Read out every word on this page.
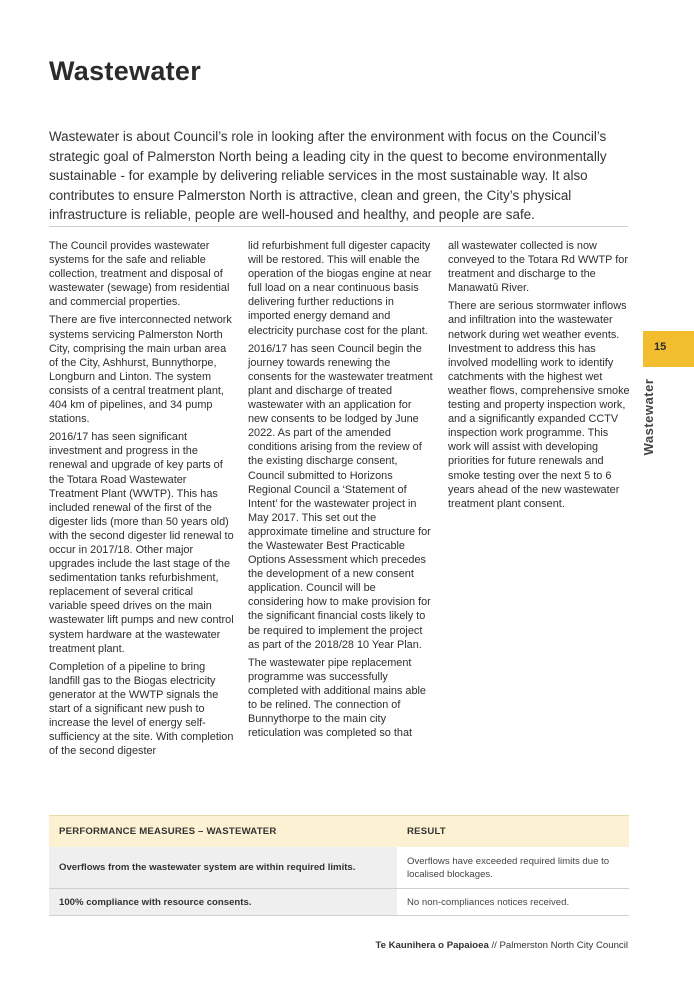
Wastewater

Wastewater is about Council’s role in looking after the environment with focus on the Council’s strategic goal of Palmerston North being a leading city in the quest to become environmentally sustainable - for example by delivering reliable services in the most sustainable way. It also contributes to ensure Palmerston North is attractive, clean and green, the City’s physical infrastructure is reliable, people are well-housed and healthy, and people are safe.

The Council provides wastewater systems for the safe and reliable collection, treatment and disposal of wastewater (sewage) from residential and commercial properties.

There are five interconnected network systems servicing Palmerston North City, comprising the main urban area of the City, Ashhurst, Bunnythorpe, Longburn and Linton. The system consists of a central treatment plant, 404 km of pipelines, and 34 pump stations.

2016/17 has seen significant investment and progress in the renewal and upgrade of key parts of the Totara Road Wastewater Treatment Plant (WWTP). This has included renewal of the first of the digester lids (more than 50 years old) with the second digester lid renewal to occur in 2017/18. Other major upgrades include the last stage of the sedimentation tanks refurbishment, replacement of several critical variable speed drives on the main wastewater lift pumps and new control system hardware at the wastewater treatment plant.

Completion of a pipeline to bring landfill gas to the Biogas electricity generator at the WWTP signals the start of a significant new push to increase the level of energy self-sufficiency at the site. With completion of the second digester

lid refurbishment full digester capacity will be restored. This will enable the operation of the biogas engine at near full load on a near continuous basis delivering further reductions in imported energy demand and electricity purchase cost for the plant.

2016/17 has seen Council begin the journey towards renewing the consents for the wastewater treatment plant and discharge of treated wastewater with an application for new consents to be lodged by June 2022. As part of the amended conditions arising from the review of the existing discharge consent, Council submitted to Horizons Regional Council a ‘Statement of Intent’ for the wastewater project in May 2017. This set out the approximate timeline and structure for the Wastewater Best Practicable Options Assessment which precedes the development of a new consent application. Council will be considering how to make provision for the significant financial costs likely to be required to implement the project as part of the 2018/28 10 Year Plan.

The wastewater pipe replacement programme was successfully completed with additional mains able to be relined. The connection of Bunnythorpe to the main city reticulation was completed so that

all wastewater collected is now conveyed to the Totara Rd WWTP for treatment and discharge to the Manawatū River.

There are serious stormwater inflows and infiltration into the wastewater network during wet weather events. Investment to address this has involved modelling work to identify catchments with the highest wet weather flows, comprehensive smoke testing and property inspection work, and a significantly expanded CCTV inspection work programme. This work will assist with developing priorities for future renewals and smoke testing over the next 5 to 6 years ahead of the new wastewater treatment plant consent.

15
Wastewater
PERFORMANCE MEASURES – WASTEWATER	RESULT
Overflows from the wastewater system are within required limits.	Overflows have exceeded required limits due to localised blockages.
100% compliance with resource consents.	No non-compliances notices received.
Te Kaunihera o Papaioea // Palmerston North City Council
